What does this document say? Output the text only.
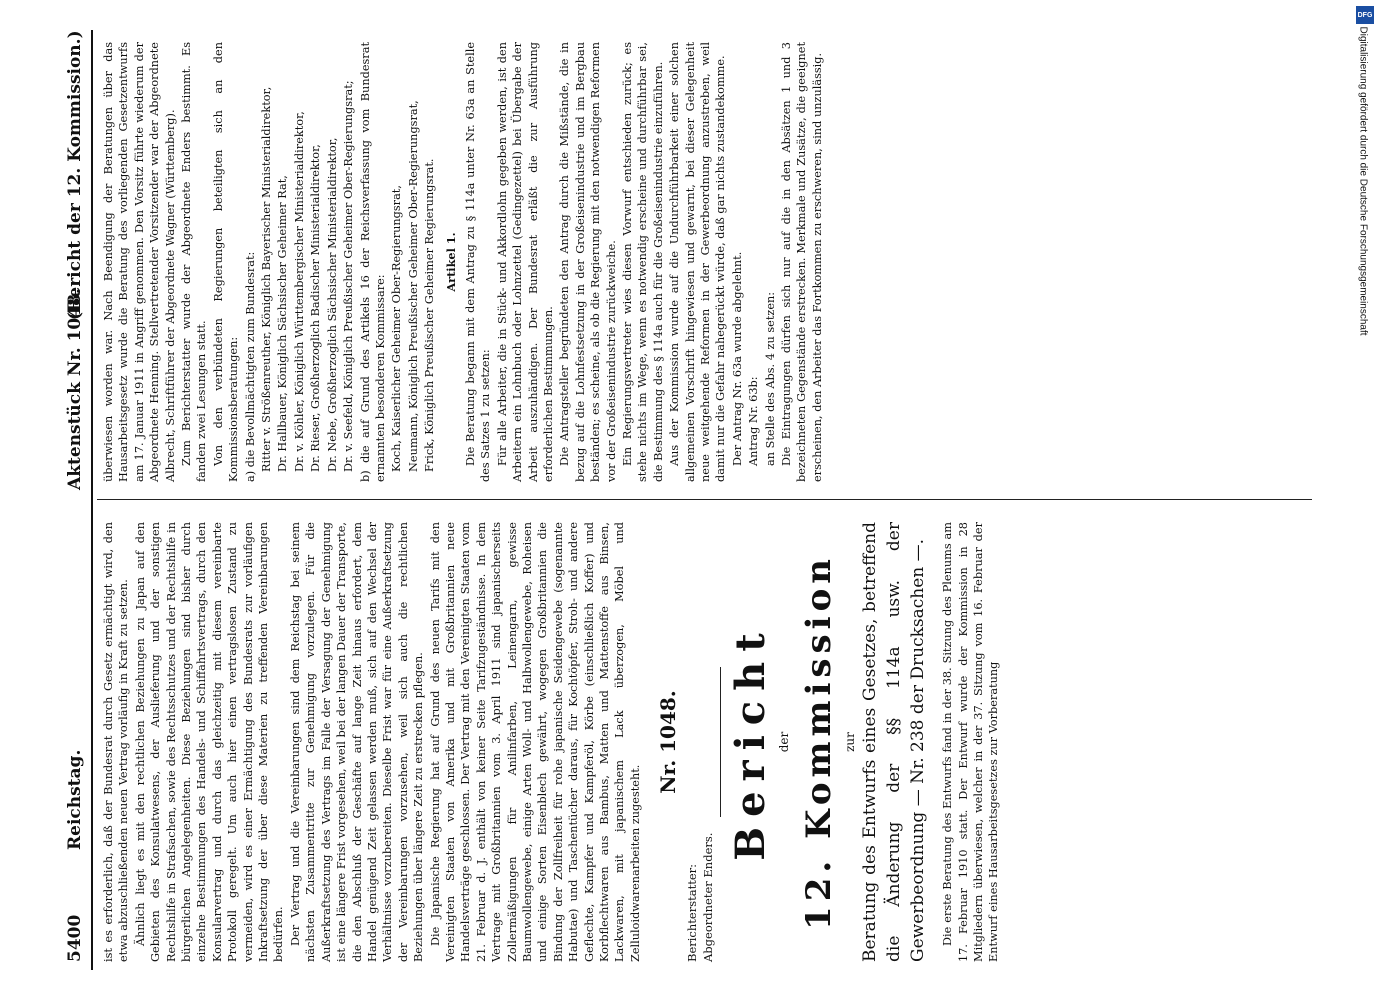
5400
Reichstag.
Aktenstück Nr. 1048.
(Bericht der 12. Kommission.)

ist es erforderlich, daß der Bundesrat durch Gesetz ermächtigt wird, den etwa abzuschließenden neuen Vertrag vorläufig in Kraft zu setzen. Ähnlich liegt es mit den rechtlichen Beziehungen zu Japan auf den Gebieten des Konsulatwesens, der Auslieferung und der sonstigen Rechtshilfe in Strafsachen, sowie des Rechtsschutzes und der Rechtshilfe in bürgerlichen Angelegenheiten. Diese Beziehungen sind bisher durch einzelne Bestimmungen des Handels- und Schiffahrtsvertrags, durch den Konsularvertrag und durch das gleichzeitig mit diesem vereinbarte Protokoll geregelt. Um auch hier einen vertragslosen Zustand zu vermeiden, wird es einer Ermächtigung des Bundesrats zur vorläufigen Inkraftsetzung der über diese Materien zu treffenden Vereinbarungen bedürfen. Der Vertrag und die Vereinbarungen sind dem Reichstag bei seinem nächsten Zusammentritte zur Genehmigung vorzulegen. Für die Außerkraftsetzung des Vertrags im Falle der Versagung der Genehmigung ist eine längere Frist vorgesehen, weil bei der langen Dauer der Transporte, die den Abschluß der Geschäfte auf lange Zeit hinaus erfordert, dem Handel genügend Zeit gelassen werden muß, sich auf den Wechsel der Verhältnisse vorzubereiten. Dieselbe Frist war für eine Außerkraftsetzung der Vereinbarungen vorzusehen, weil sich auch die rechtlichen Beziehungen über längere Zeit zu erstrecken pflegen. Die Japanische Regierung hat auf Grund des neuen Tarifs mit den Vereinigten Staaten von Amerika und mit Großbritannien neue Handelsverträge geschlossen. Der Vertrag mit den Vereinigten Staaten vom 21. Februar d. J. enthält von keiner Seite Tarifzugeständnisse. In dem Vertrage mit Großbritannien vom 3. April 1911 sind japanischerseits Zollermäßigungen für Anilinfarben, Leinengarn, gewisse Baumwollengewebe, einige Arten Woll- und Halbwollengewebe, Roheisen und einige Sorten Eisenblech gewährt, wogegen Großbritannien die Bindung der Zollfreiheit für rohe japanische Seidengewebe (sogenannte Habutae) und Taschentücher daraus, für Kochtöpfer, Stroh- und andere Geflechte, Kampfer und Kampferöl, Körbe (einschließlich Koffer) und Korbflechtwaren aus Bambus, Matten und Mattenstoffe aus Binsen, Lackwaren, mit japanischem Lack überzogen, Möbel und Zelluloidwarenarbeiten zugesteht.

Nr. 1048.

Berichterstatter: Abgeordneter Enders.

Bericht der 12. Kommission zur Beratung des Entwurfs eines Gesetzes, betreffend die Änderung der §§ 114a usw. der Gewerbeordnung — Nr. 238 der Drucksachen —. Die erste Beratung des Entwurfs fand in der 38. Sitzung des Plenums am 17. Februar 1910 statt. Der Entwurf wurde der Kommission in 28 Mitgliedern überwiesen, welcher in der 37. Sitzung vom 16. Februar der Entwurf eines Hausarbeitsgesetzes zur Vorberatung

überwiesen worden war. Nach Beendigung der Beratungen über das Hausarbeitsgesetz wurde die Beratung des vorliegenden Gesetzentwurfs am 17. Januar 1911 in Angriff genommen. Den Vorsitz führte wiederum der Abgeordnete Henning. Stellvertretender Vorsitzender war der Abgeordnete Albrecht, Schriftführer der Abgeordnete Wagner (Württemberg). Zum Berichterstatter wurde der Abgeordnete Enders bestimmt. Es fanden zwei Lesungen statt. Von den verbündeten Regierungen beteiligten sich an den Kommissionsberatungen: a) die Bevollmächtigten zum Bundesrat: Ritter v. Strößenreuther, Königlich Bayerischer Ministerialdirektor, Dr. Hallbauer, Königlich Sächsischer Geheimer Rat, Dr. v. Köhler, Königlich Württembergischer Ministerialdirektor, Dr. Rieser, Großherzoglich Badischer Ministerialdirektor, Dr. Nebe, Großherzoglich Sächsischer Ministerialdirektor, Dr. v. Seefeld, Königlich Preußischer Geheimer Ober-Regierungsrat; b) die auf Grund des Artikels 16 der Reichsverfassung vom Bundesrat ernannten besonderen Kommissare: Koch, Kaiserlicher Geheimer Ober-Regierungsrat, Neumann, Königlich Preußischer Geheimer Ober-Regierungsrat, Frick, Königlich Preußischer Geheimer Regierungsrat. Artikel 1. Die Beratung begann mit dem Antrag zu § 114a unter Nr. 63a an Stelle des Satzes 1 zu setzen: Für alle Arbeiter, die in Stück- und Akkordlohn gegeben werden, ist den Arbeitern ein Lohnbuch oder Lohnzettel (Gedingezettel) bei Übergabe der Arbeit auszuhändigen. Der Bundesrat erläßt die zur Ausführung erforderlichen Bestimmungen. Die Antragsteller begründeten den Antrag durch die Mißstände, die in bezug auf die Lohnfestsetzung in der Großeisenindustrie und im Bergbau beständen; es scheine, als ob die Regierung mit den notwendigen Reformen vor der Großeisenindustrie zurückweiche. Ein Regierungsvertreter wies diesen Vorwurf entschieden zurück; es stehe nichts im Wege, wenn es notwendig erscheine und durchführbar sei, die Bestimmung des § 114a auch für die Großeisenindustrie einzuführen. Aus der Kommission wurde auf die Undurchführbarkeit einer solchen allgemeinen Vorschrift hingewiesen und gewarnt, bei dieser Gelegenheit neue weitgehende Reformen in der Gewerbeordnung anzustreben, weil damit nur die Gefahr nahegerückt würde, daß gar nichts zustandekomme. Der Antrag Nr. 63a wurde abgelehnt. Antrag Nr. 63b: an Stelle des Abs. 4 zu setzen: Die Eintragungen dürfen sich nur auf die in den Absätzen 1 und 3 bezeichneten Gegenstände erstrecken. Merkmale und Zusätze, die geeignet erscheinen, den Arbeiter das Fortkommen zu erschweren, sind unzulässig.

DFG
Digitalisierung gefördert durch die Deutsche Forschungsgemeinschaft
